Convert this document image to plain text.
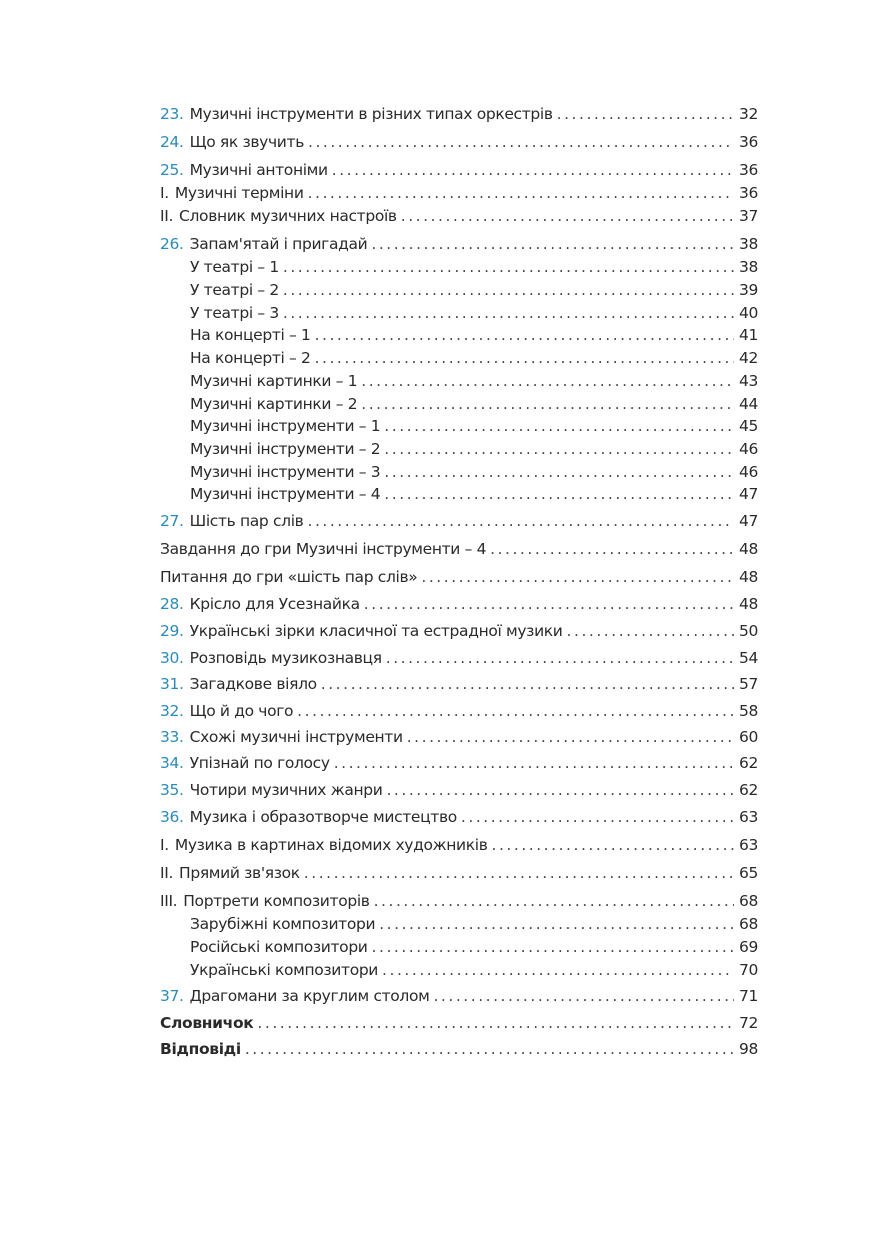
23. Музичні інструменти в різних типах оркестрів . . .	32
24. Що як звучить . . .	36
25. Музичні антоніми . . .	36
I. Музичні терміни . . .	36
II. Словник музичних настроїв . . .	37
26. Запам'ятай і пригадай . . .	38
У театрі – 1 . . .	38
У театрі – 2 . . .	39
У театрі – 3 . . .	40
На концерті – 1 . . .	41
На концерті – 2 . . .	42
Музичні картинки – 1 . . .	43
Музичні картинки – 2 . . .	44
Музичні інструменти – 1 . . .	45
Музичні інструменти – 2 . . .	46
Музичні інструменти – 3 . . .	46
Музичні інструменти – 4 . . .	47
27. Шість пар слів . . .	47
Завдання до гри Музичні інструменти – 4 . . .	48
Питання до гри «шість пар слів» . . .	48
28. Крісло для Усезнайка . . .	48
29. Українські зірки класичної та естрадної музики . . .	50
30. Розповідь музикознавця . . .	54
31. Загадкове віяло . . .	57
32. Що й до чого . . .	58
33. Схожі музичні інструменти . . .	60
34. Упізнай по голосу . . .	62
35. Чотири музичних жанри . . .	62
36. Музика і образотворче мистецтво . . .	63
I. Музика в картинах відомих художників . . .	63
II. Прямий зв'язок . . .	65
III. Портрети композиторів . . .	68
Зарубіжні композитори . . .	68
Російські композитори . . .	69
Українські композитори . . .	70
37. Драгомани за круглим столом . . .	71
Словничок . . .	72
Відповіді . . .	98
